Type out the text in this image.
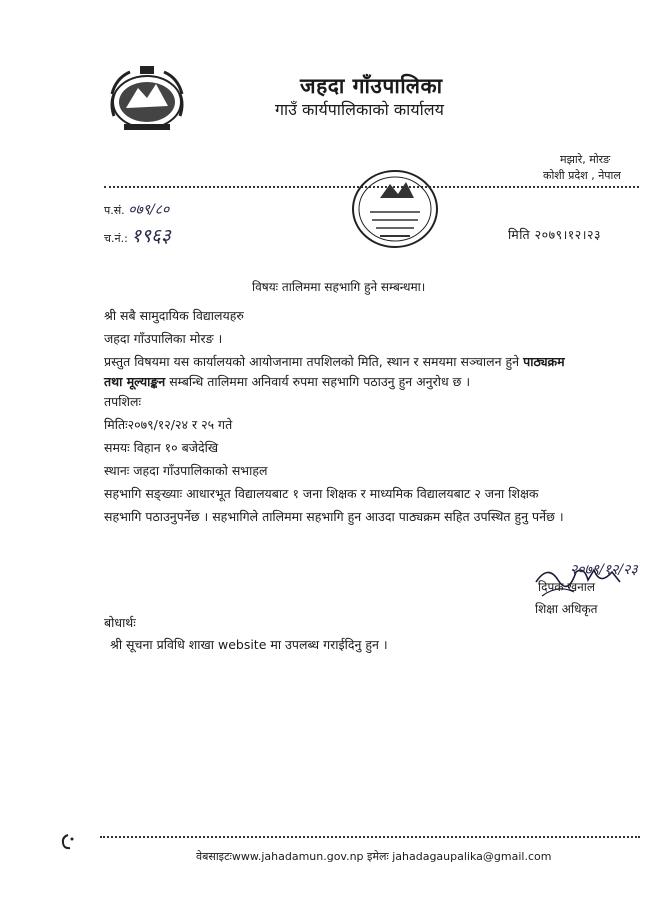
जहदा गाँउपालिका
गाउँ कार्यपालिकाको कार्यालय
मझारे, मोरङ
कोशी प्रदेश , नेपाल
प.सं. ०७९/८०
च.नं.: १९६३	मिति २०७९।१२।२३
विषयः तालिममा सहभागि हुने सम्बन्धमा।

श्री सबै सामुदायिक विद्यालयहरु

जहदा गाँउपालिका मोरङ ।

प्रस्तुत विषयमा यस कार्यालयको आयोजनामा तपशिलको मिति, स्थान र समयमा सञ्चालन हुने पाठ्यक्रम

तथा मूल्याङ्कन सम्बन्धि तालिममा अनिवार्य रुपमा सहभागि पठाउनु हुन अनुरोध छ ।

तपशिलः

मितिः२०७९/१२/२४ र २५ गते

समयः विहान १० बजेदेखि

स्थानः जहदा गाँउपालिकाको सभाहल

सहभागि सङ्ख्याः आधारभूत विद्यालयबाट १ जना शिक्षक र माध्यमिक विद्यालयबाट २ जना शिक्षक

सहभागि पठाउनुपर्नेछ । सहभागिले तालिममा सहभागि हुन आउदा पाठ्यक्रम सहित उपस्थित हुनु पर्नेछ ।

२०७९/१२/२३
दिपक खनाल
शिक्षा अधिकृत
बोधार्थः
श्री सूचना प्रविधि शाखा website मा उपलब्ध गराईदिनु हुन ।
वेबसाइटःwww.jahadamun.gov.np इमेलः jahadagaupalika@gmail.com
